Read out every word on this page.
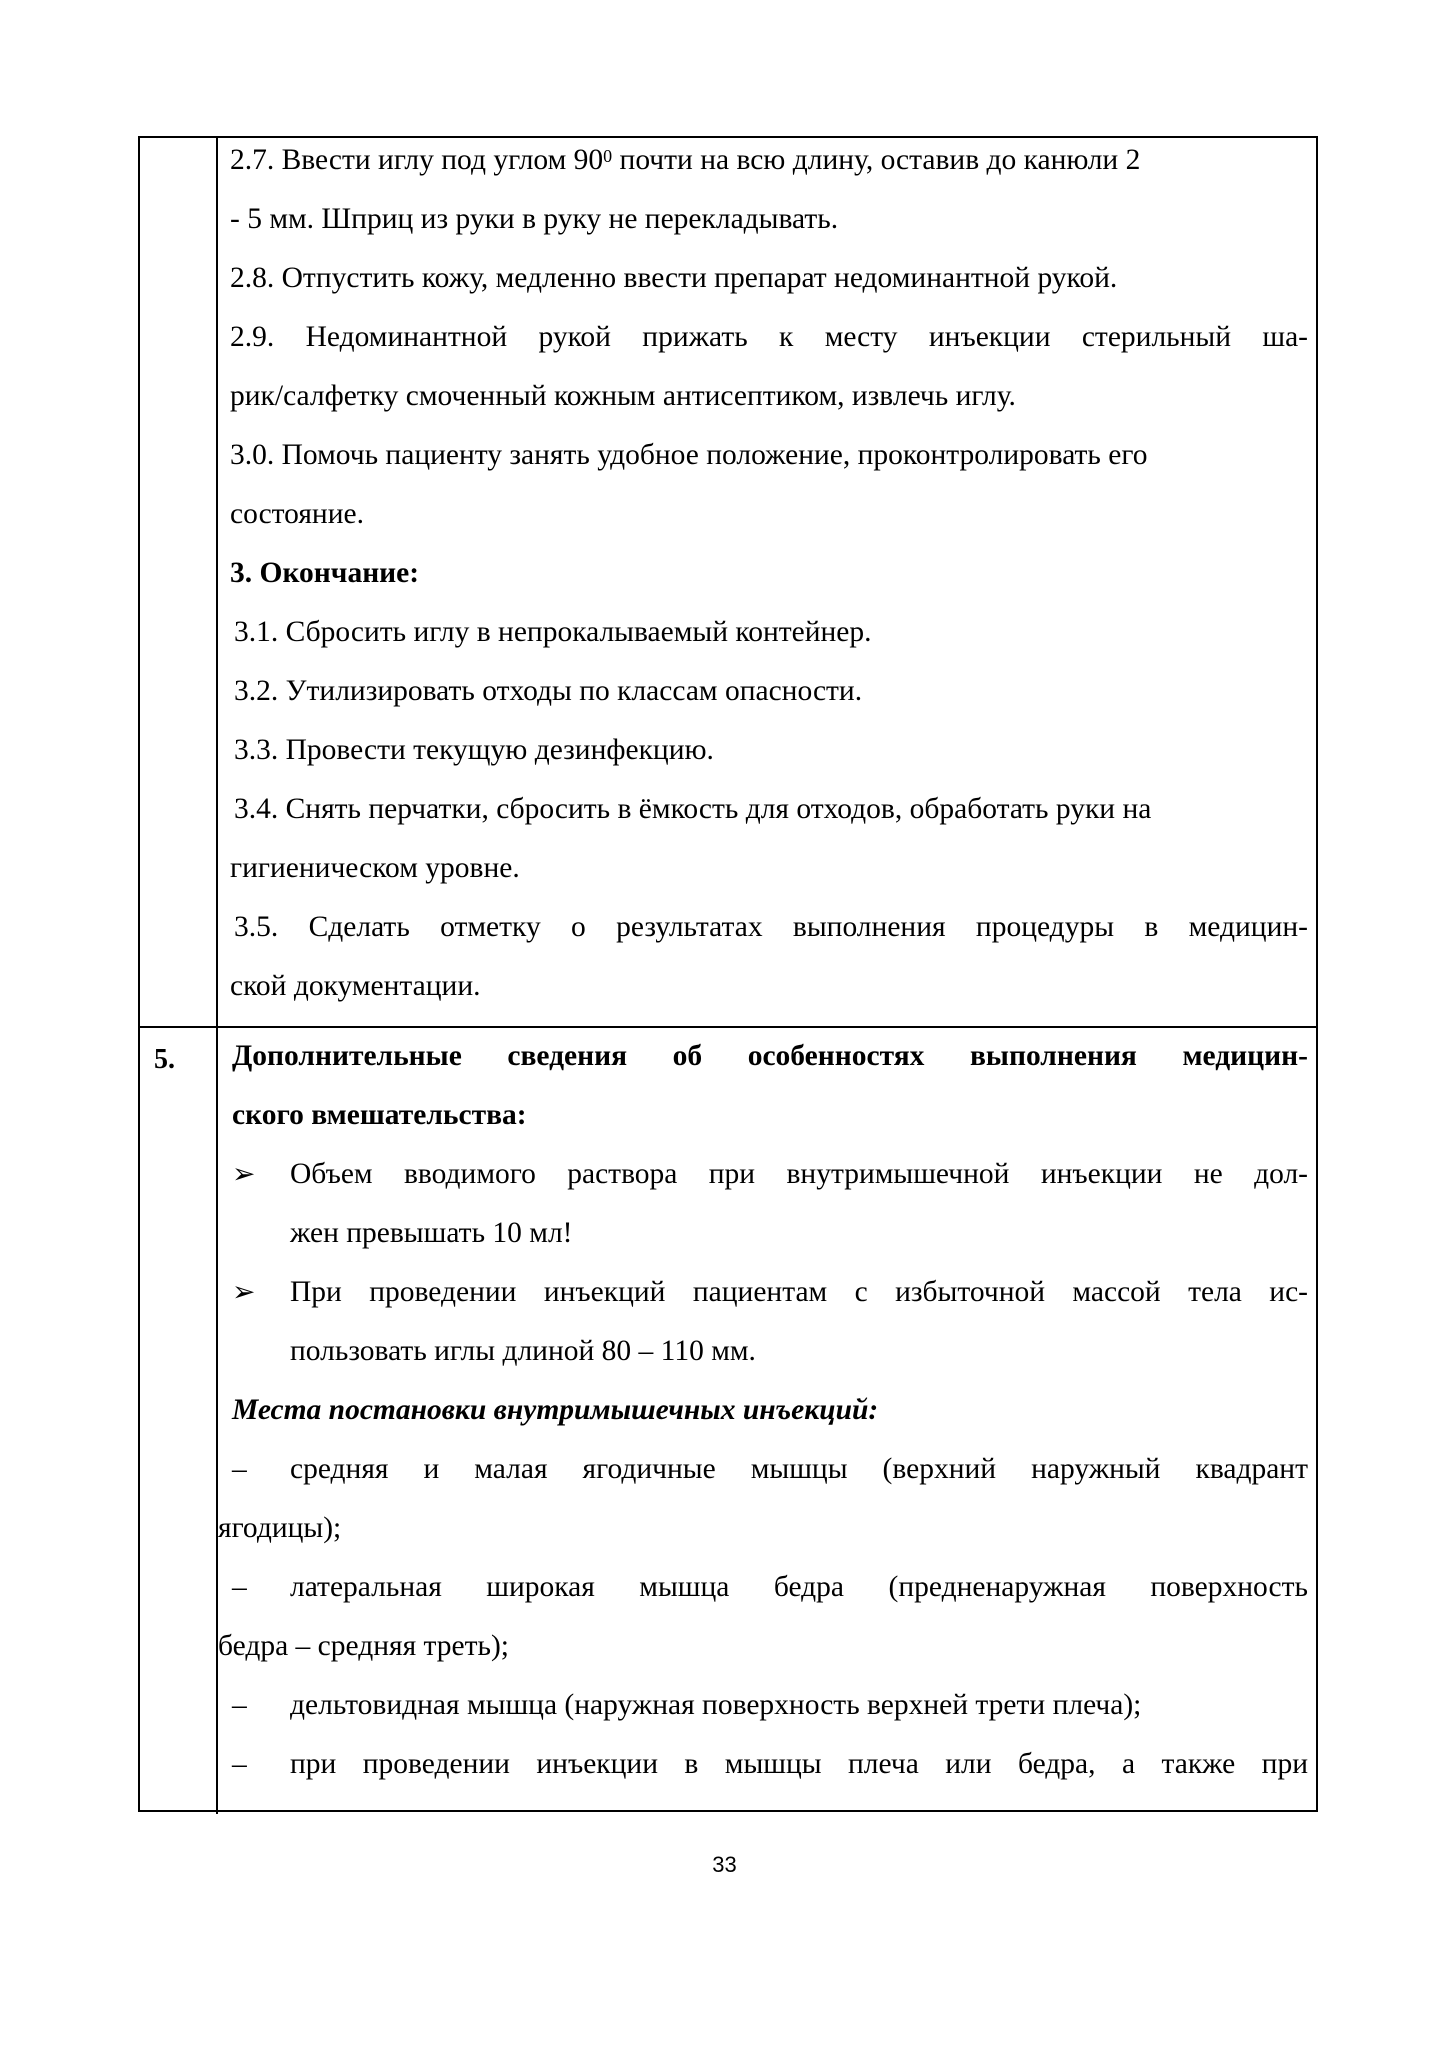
2.7. Ввести иглу под углом $90^0$ почти на всю длину, оставив до канюли 2
- 5 мм. Шприц из руки в руку не перекладывать.
2.8. Отпустить кожу, медленно ввести препарат недоминантной рукой.
2.9. Недоминантной рукой прижать к месту инъекции стерильный ша-
рик/салфетку смоченный кожным антисептиком, извлечь иглу.
3.0. Помочь пациенту занять удобное положение, проконтролировать его
состояние.
3. Окончание:
3.1. Сбросить иглу в непрокалываемый контейнер.
3.2. Утилизировать отходы по классам опасности.
3.3. Провести текущую дезинфекцию.
3.4. Снять перчатки, сбросить в ёмкость для отходов, обработать руки на
гигиеническом уровне.
3.5. Сделать отметку о результатах выполнения процедуры в медицин-
ской документации.
5. Дополнительные сведения об особенностях выполнения медицин-
ского вмешательства:
➢ Объем вводимого раствора при внутримышечной инъекции не дол-
жен превышать 10 мл!
➢ При проведении инъекций пациентам с избыточной массой тела ис-
пользовать иглы длиной 80 – 110 мм.
Места постановки внутримышечных инъекций:
– средняя и малая ягодичные мышцы (верхний наружный квадрант
ягодицы);
– латеральная широкая мышца бедра (предненаружная поверхность
бедра – средняя треть);
– дельтовидная мышца (наружная поверхность верхней трети плеча);
– при проведении инъекции в мышцы плеча или бедра, а также при
33
